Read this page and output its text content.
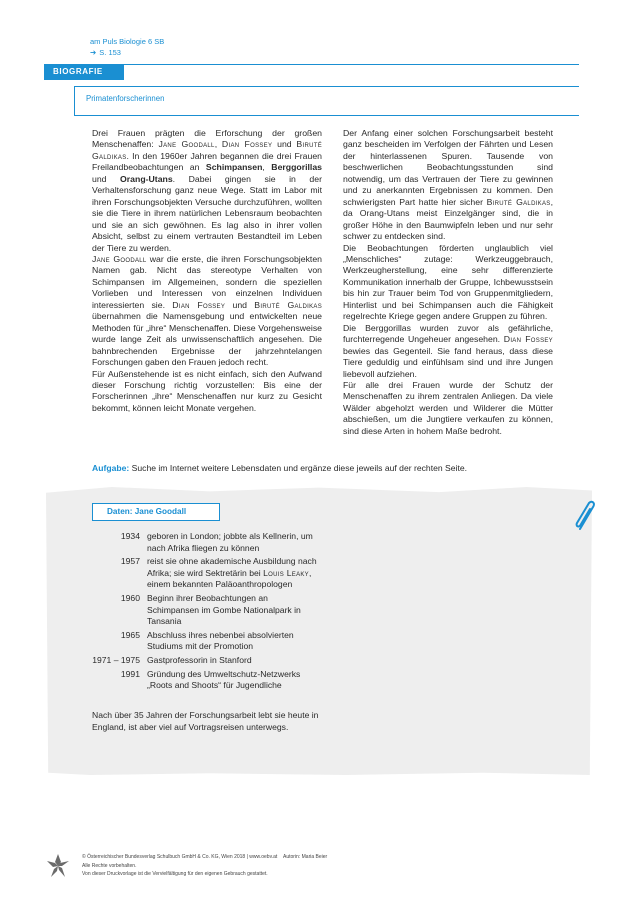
am Puls Biologie 6 SB
➔ S. 153
BIOGRAFIE
Primatenforscherinnen

Drei Frauen prägten die Erforschung der großen Menschenaffen: Jane Goodall, Dian Fossey und Biruté Galdikas. In den 1960er Jahren begannen die drei Frauen Freilandbeobachtungen an Schimpansen, Berggorillas und Orang-Utans. Dabei gingen sie in der Verhaltensforschung ganz neue Wege. Statt im Labor mit ihren Forschungsobjekten Versuche durchzuführen, wollten sie die Tiere in ihrem natürlichen Lebensraum beobachten und sie an sich gewöhnen. Es lag also in ihrer vollen Absicht, selbst zu einem vertrauten Bestandteil im Leben der Tiere zu werden.

Jane Goodall war die erste, die ihren Forschungsobjekten Namen gab. Nicht das stereotype Verhalten von Schimpansen im Allgemeinen, sondern die speziellen Vorlieben und Interessen von einzelnen Individuen interessierten sie. Dian Fossey und Biruté Galdikas übernahmen die Namensgebung und entwickelten neue Methoden für „ihre“ Menschenaffen. Diese Vorgehensweise wurde lange Zeit als unwissenschaftlich angesehen. Die bahnbrechenden Ergebnisse der jahrzehntelangen Forschungen gaben den Frauen jedoch recht.

Für Außenstehende ist es nicht einfach, sich den Aufwand dieser Forschung richtig vorzustellen: Bis eine der Forscherinnen „ihre“ Menschenaffen nur kurz zu Gesicht bekommt, können leicht Monate vergehen.

Der Anfang einer solchen Forschungsarbeit besteht ganz bescheiden im Verfolgen der Fährten und Lesen der hinterlassenen Spuren. Tausende von beschwerlichen Beobachtungsstunden sind notwendig, um das Vertrauen der Tiere zu gewinnen und zu anerkannten Ergebnissen zu kommen. Den schwierigsten Part hatte hier sicher Biruté Galdikas, da Orang-Utans meist Einzelgänger sind, die in großer Höhe in den Baumwipfeln leben und nur sehr schwer zu entdecken sind.

Die Beobachtungen förderten unglaublich viel „Menschliches“ zutage: Werkzeuggebrauch, Werkzeugherstellung, eine sehr differenzierte Kommunikation innerhalb der Gruppe, Ichbewusstsein bis hin zur Trauer beim Tod von Gruppenmitgliedern, Hinterlist und bei Schimpansen auch die Fähigkeit regelrechte Kriege gegen andere Gruppen zu führen.

Die Berggorillas wurden zuvor als gefährliche, furchterregende Ungeheuer angesehen. Dian Fossey bewies das Gegenteil. Sie fand heraus, dass diese Tiere geduldig und einfühlsam sind und ihre Jungen liebevoll aufziehen.

Für alle drei Frauen wurde der Schutz der Menschenaffen zu ihrem zentralen Anliegen. Da viele Wälder abgeholzt werden und Wilderer die Mütter abschießen, um die Jungtiere verkaufen zu können, sind diese Arten in hohem Maße bedroht.

Aufgabe: Suche im Internet weitere Lebensdaten und ergänze diese jeweils auf der rechten Seite.
Daten: Jane Goodall
1934 geboren in London; jobbte als Kellnerin, um nach Afrika fliegen zu können
1957 reist sie ohne akademische Ausbildung nach Afrika; sie wird Sektretärin bei Louis Leaky, einem bekannten Paläoanthropologen
1960 Beginn ihrer Beobachtungen an Schimpansen im Gombe Nationalpark in Tansania
1965 Abschluss ihres nebenbei absolvierten Studiums mit der Promotion
1971 – 1975 Gastprofessorin in Stanford
1991 Gründung des Umweltschutz-Netzwerks „Roots and Shoots“ für Jugendliche
Nach über 35 Jahren der Forschungsarbeit lebt sie heute in England, ist aber viel auf Vortragsreisen unterwegs.
© Österreichischer Bundesverlag Schulbuch GmbH & Co. KG, Wien 2018 | www.oebv.at
Alle Rechte vorbehalten.
Von dieser Druckvorlage ist die Vervielfältigung für den eigenen Gebrauch gestattet.
Autorin: Maria Beier
